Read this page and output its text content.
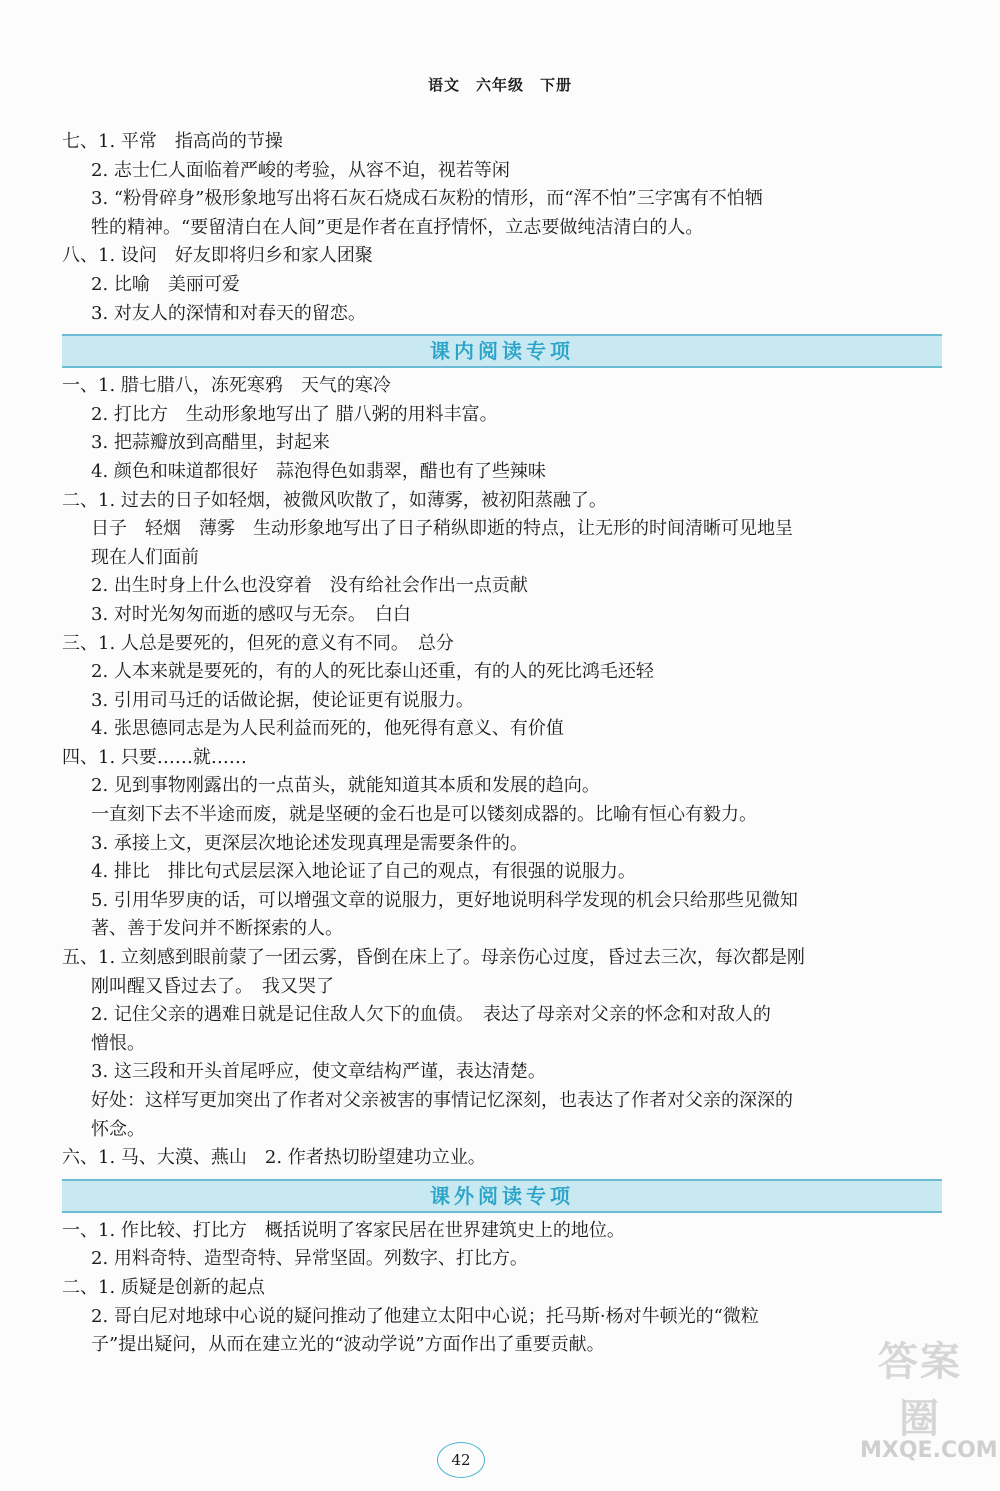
语文　六年级　下册
七、1. 平常　指高尚的节操
2. 志士仁人面临着严峻的考验，从容不迫，视若等闲
3. “粉骨碎身”极形象地写出将石灰石烧成石灰粉的情形，而“浑不怕”三字寓有不怕牺
牲的精神。“要留清白在人间”更是作者在直抒情怀，立志要做纯洁清白的人。
八、1. 设问　好友即将归乡和家人团聚
2. 比喻　美丽可爱
3. 对友人的深情和对春天的留恋。
课内阅读专项
一、1. 腊七腊八，冻死寒鸦　天气的寒冷
2. 打比方　生动形象地写出了 腊八粥的用料丰富。
3. 把蒜瓣放到高醋里，封起来
4. 颜色和味道都很好　蒜泡得色如翡翠，醋也有了些辣味
二、1. 过去的日子如轻烟，被微风吹散了，如薄雾，被初阳蒸融了。
日子　轻烟　薄雾　生动形象地写出了日子稍纵即逝的特点，让无形的时间清晰可见地呈
现在人们面前
2. 出生时身上什么也没穿着　没有给社会作出一点贡献
3. 对时光匆匆而逝的感叹与无奈。　白白
三、1. 人总是要死的，但死的意义有不同。　总分
2. 人本来就是要死的，有的人的死比泰山还重，有的人的死比鸿毛还轻
3. 引用司马迁的话做论据，使论证更有说服力。
4. 张思德同志是为人民利益而死的，他死得有意义、有价值
四、1. 只要……就……
2. 见到事物刚露出的一点苗头，就能知道其本质和发展的趋向。
一直刻下去不半途而废，就是坚硬的金石也是可以镂刻成器的。比喻有恒心有毅力。
3. 承接上文，更深层次地论述发现真理是需要条件的。
4. 排比　排比句式层层深入地论证了自己的观点，有很强的说服力。
5. 引用华罗庚的话，可以增强文章的说服力，更好地说明科学发现的机会只给那些见微知
著、善于发问并不断探索的人。
五、1. 立刻感到眼前蒙了一团云雾，昏倒在床上了。母亲伤心过度，昏过去三次，每次都是刚
刚叫醒又昏过去了。　我又哭了
2. 记住父亲的遇难日就是记住敌人欠下的血债。　表达了母亲对父亲的怀念和对敌人的
憎恨。
3. 这三段和开头首尾呼应，使文章结构严谨，表达清楚。
好处：这样写更加突出了作者对父亲被害的事情记忆深刻，也表达了作者对父亲的深深的
怀念。
六、1. 马、大漠、燕山　2. 作者热切盼望建功立业。
课外阅读专项
一、1. 作比较、打比方　概括说明了客家民居在世界建筑史上的地位。
2. 用料奇特、造型奇特、异常坚固。列数字、打比方。
二、1. 质疑是创新的起点
2. 哥白尼对地球中心说的疑问推动了他建立太阳中心说；托马斯·杨对牛顿光的“微粒
子”提出疑问，从而在建立光的“波动学说”方面作出了重要贡献。
42
答案圈
MXQE.COM
